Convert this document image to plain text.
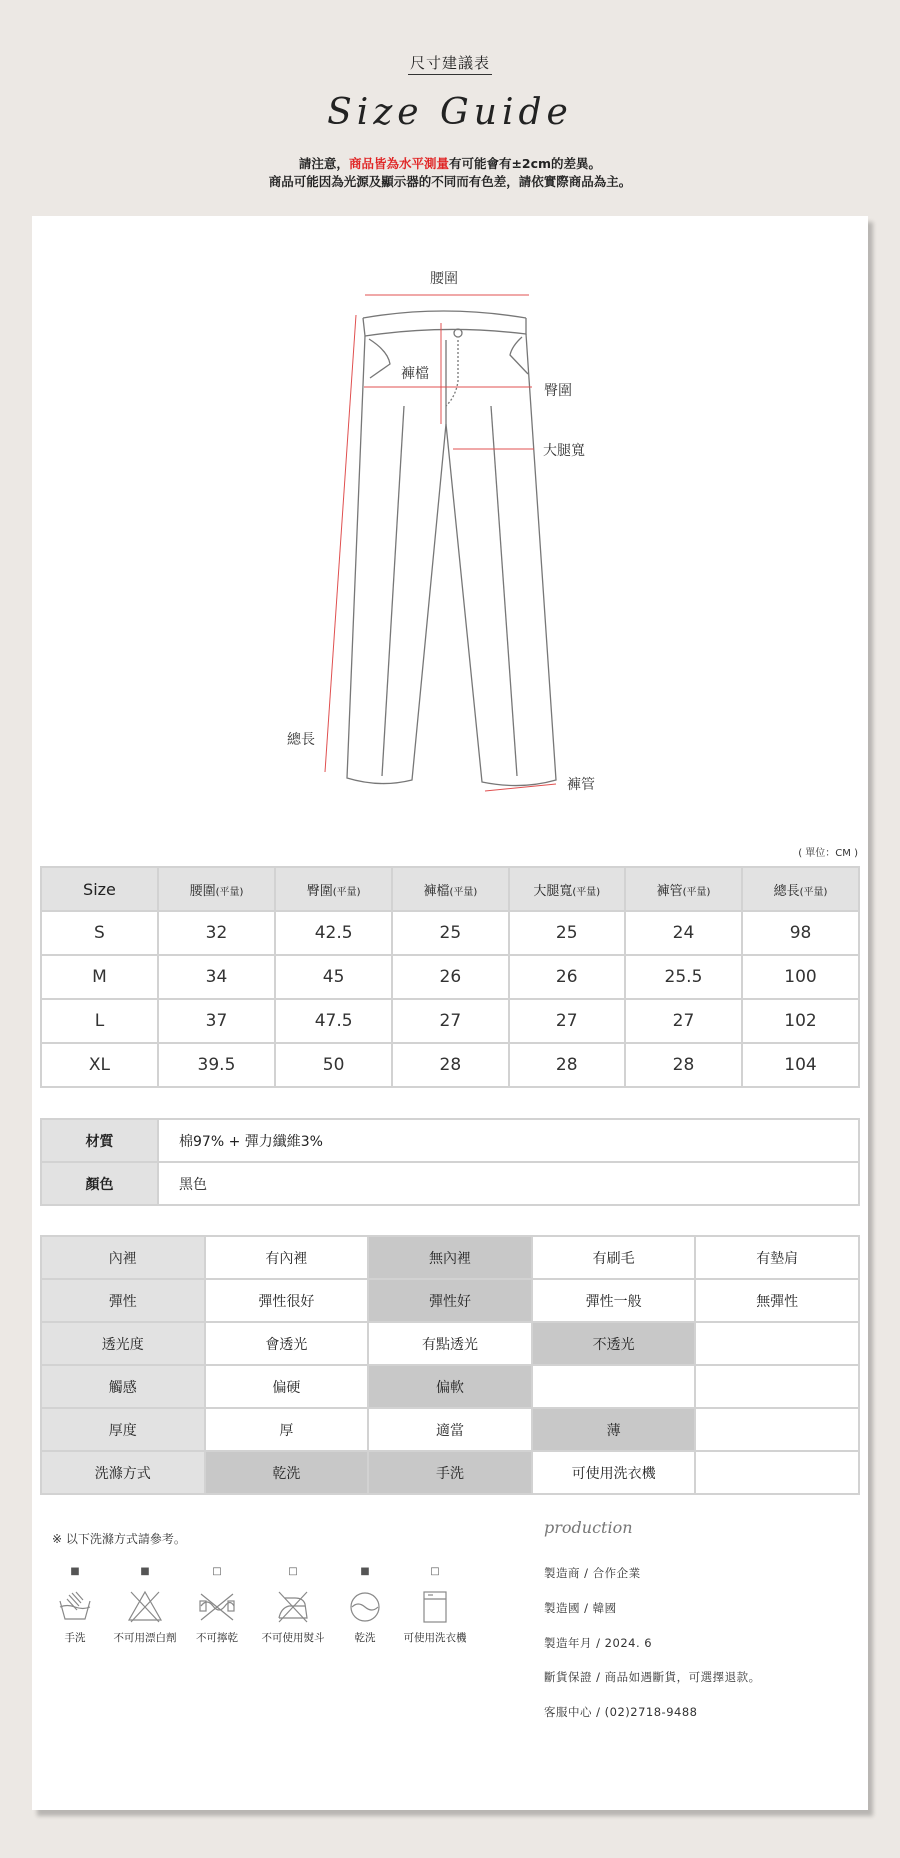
尺寸建議表
Size Guide
請注意，商品皆為水平測量有可能會有±2cm的差異。
商品可能因為光源及顯示器的不同而有色差，請依實際商品為主。
腰圍
褲檔
臀圍
大腿寬
總長
褲管
( 單位：CM )
Size	腰圍(平量)	臀圍(平量)	褲檔(平量)	大腿寬(平量)	褲管(平量)	總長(平量)
S	32	42.5	25	25	24	98
M	34	45	26	26	25.5	100
L	37	47.5	27	27	27	102
XL	39.5	50	28	28	28	104
材質	棉97% + 彈力纖維3%
顏色	黑色
內裡	有內裡	無內裡	有刷毛	有墊肩
彈性	彈性很好	彈性好	彈性一般	無彈性
透光度	會透光	有點透光	不透光	
觸感	偏硬	偏軟		
厚度	厚	適當	薄	
洗滌方式	乾洗	手洗	可使用洗衣機	
※ 以下洗滌方式請參考。
■
手洗
■
不可用漂白劑
□
不可擰乾
□
不可使用熨斗
■
乾洗
□
可使用洗衣機
production
製造商 / 合作企業
製造國 / 韓國
製造年月 / 2024. 6
斷貨保證 / 商品如遇斷貨，可選擇退款。
客服中心 / (02)2718-9488
